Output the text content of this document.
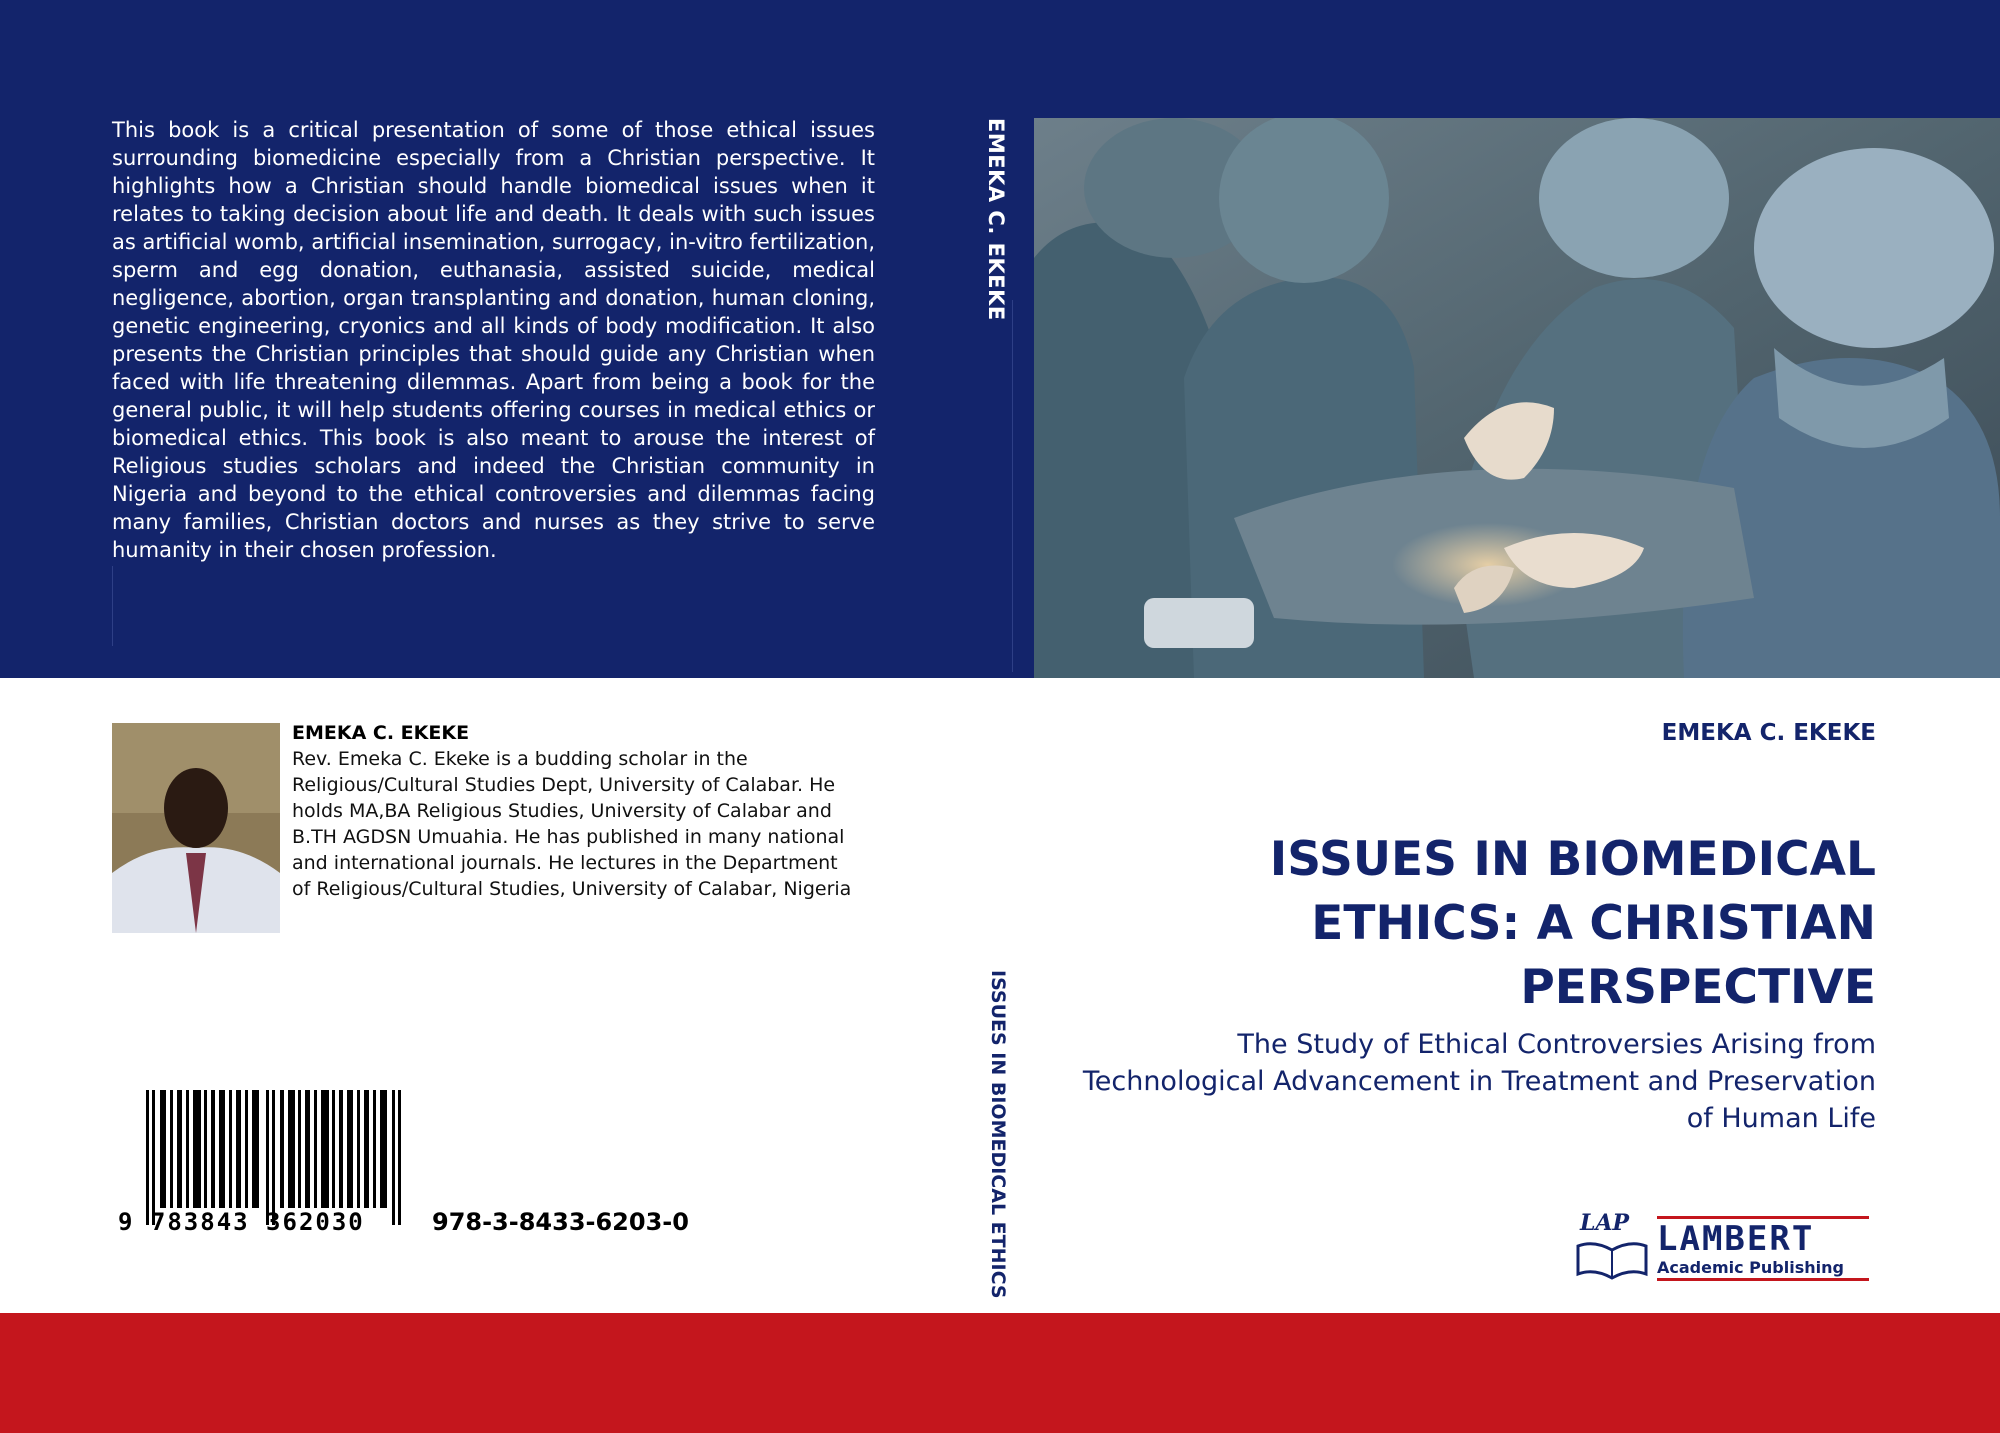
This book is a critical presentation of some of those ethical issues surrounding biomedicine especially from a Christian perspective. It highlights how a Christian should handle biomedical issues when it relates to taking decision about life and death. It deals with such issues as artificial womb, artificial insemination, surrogacy, in-vitro fertilization, sperm and egg donation, euthanasia, assisted suicide, medical negligence, abortion, organ transplanting and donation, human cloning, genetic engineering, cryonics and all kinds of body modification. It also presents the Christian principles that should guide any Christian when faced with life threatening dilemmas. Apart from being a book for the general public, it will help students offering courses in medical ethics or biomedical ethics. This book is also meant to arouse the interest of Religious studies scholars and indeed the Christian community in Nigeria and beyond to the ethical controversies and dilemmas facing many families, Christian doctors and nurses as they strive to serve humanity in their chosen profession.
EMEKA C. EKEKE
ISSUES IN BIOMEDICAL ETHICS
EMEKA C. EKEKE
Rev. Emeka C. Ekeke is a budding scholar in the Religious/Cultural Studies Dept, University of Calabar. He holds MA,BA Religious Studies, University of Calabar and B.TH AGDSN Umuahia. He has published in many national and international journals. He lectures in the Department of Religious/Cultural Studies, University of Calabar, Nigeria
9 783843 362030	978-3-8433-6203-0
EMEKA C. EKEKE
ISSUES IN BIOMEDICAL ETHICS: A CHRISTIAN PERSPECTIVE
The Study of Ethical Controversies Arising from Technological Advancement in Treatment and Preservation of Human Life
LAP LAMBERT
Academic Publishing
